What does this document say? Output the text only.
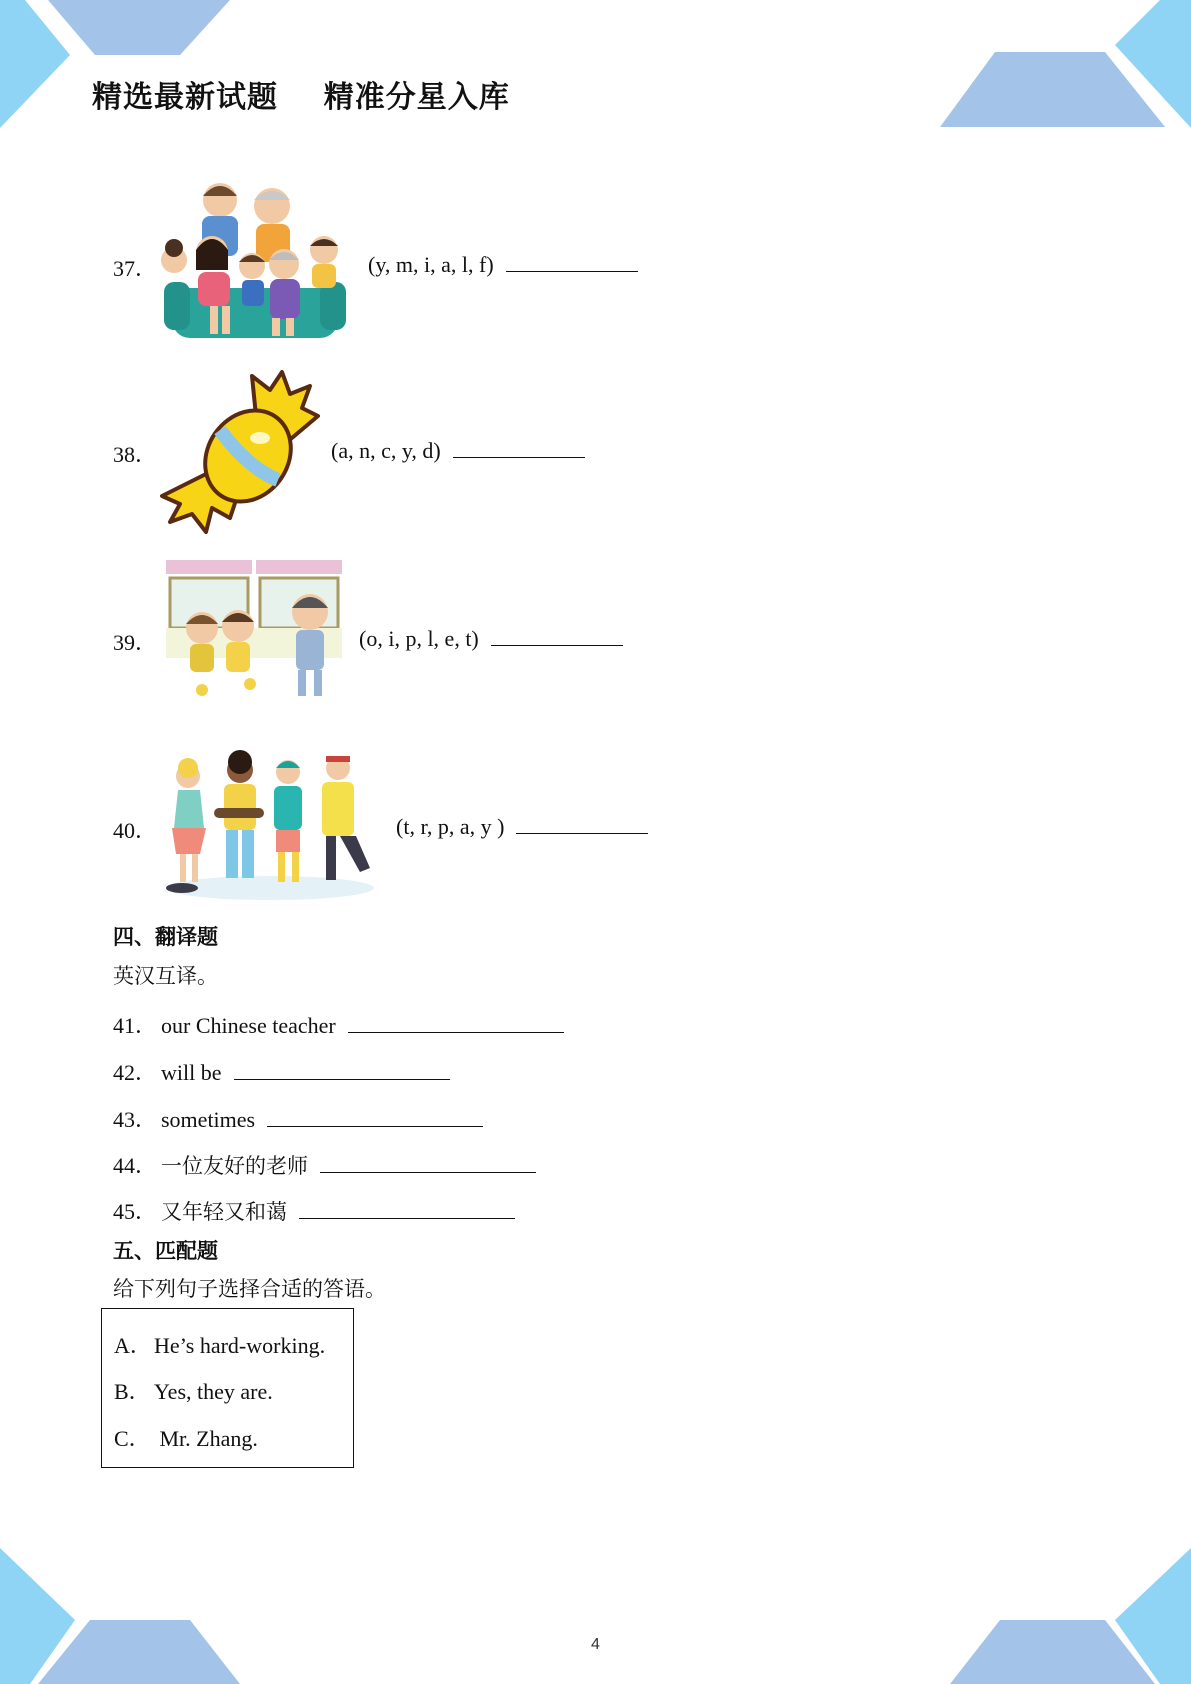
精选最新试题    精准分星入库
37．	(y, m, i, a, l, f)
38．	(a, n, c, y, d)
39．	(o, i, p, l, e, t)
40．	(t, r, p, a, y )
四、翻译题
英汉互译。
41． our Chinese teacher
42． will be
43． sometimes
44． 一位友好的老师
45． 又年轻又和蔼
五、匹配题
给下列句子选择合适的答语。
A．He’s hard-working.
B． Yes, they are.
C． Mr. Zhang.
4
